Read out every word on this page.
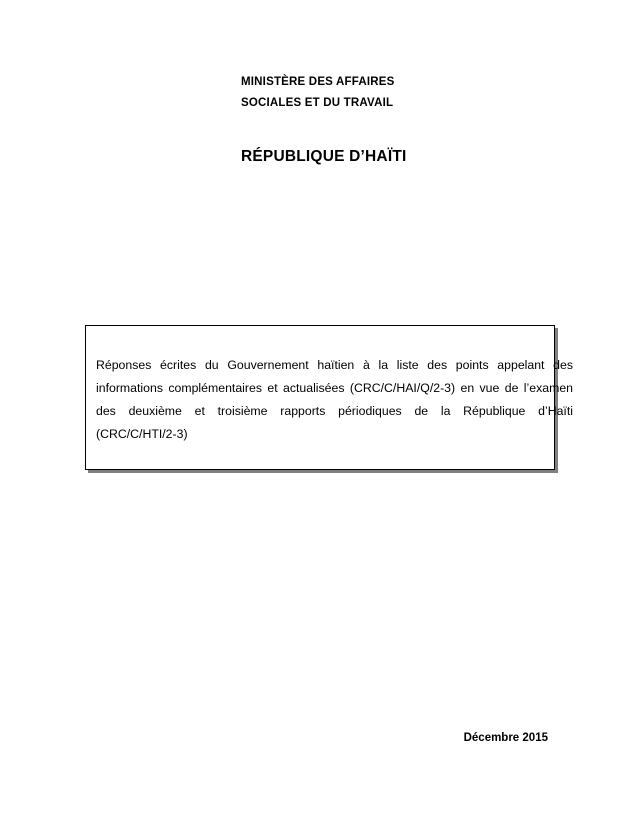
MINISTÈRE DES AFFAIRES
SOCIALES ET DU TRAVAIL
RÉPUBLIQUE D’HAÏTI
Réponses écrites du Gouvernement haïtien à la liste des points appelant des informations complémentaires et actualisées (CRC/C/HAI/Q/2-3) en vue de l’examen des deuxième et troisième rapports périodiques de la République d’Haïti (CRC/C/HTI/2-3)
Décembre 2015
